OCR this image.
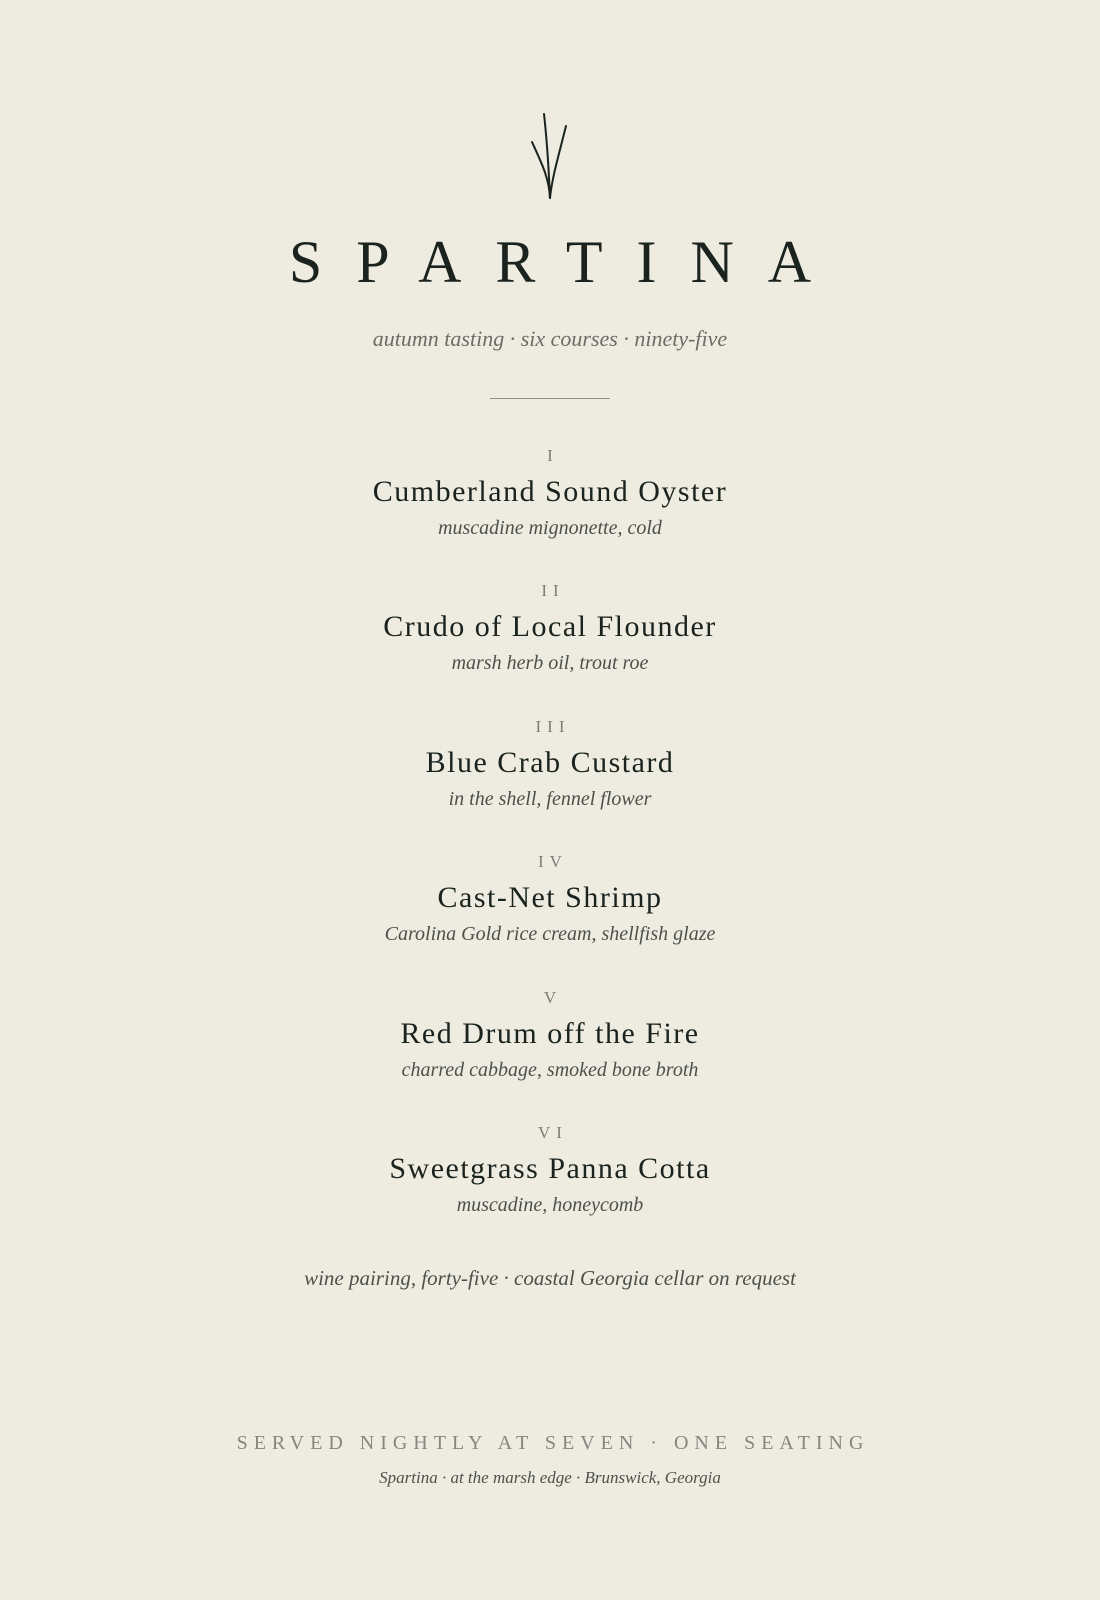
SPARTINA
autumn tasting · six courses · ninety-five
I
Cumberland Sound Oyster
muscadine mignonette, cold
II
Crudo of Local Flounder
marsh herb oil, trout roe
III
Blue Crab Custard
in the shell, fennel flower
IV
Cast-Net Shrimp
Carolina Gold rice cream, shellfish glaze
V
Red Drum off the Fire
charred cabbage, smoked bone broth
VI
Sweetgrass Panna Cotta
muscadine, honeycomb
wine pairing, forty-five · coastal Georgia cellar on request
SERVED NIGHTLY AT SEVEN · ONE SEATING
Spartina · at the marsh edge · Brunswick, Georgia
